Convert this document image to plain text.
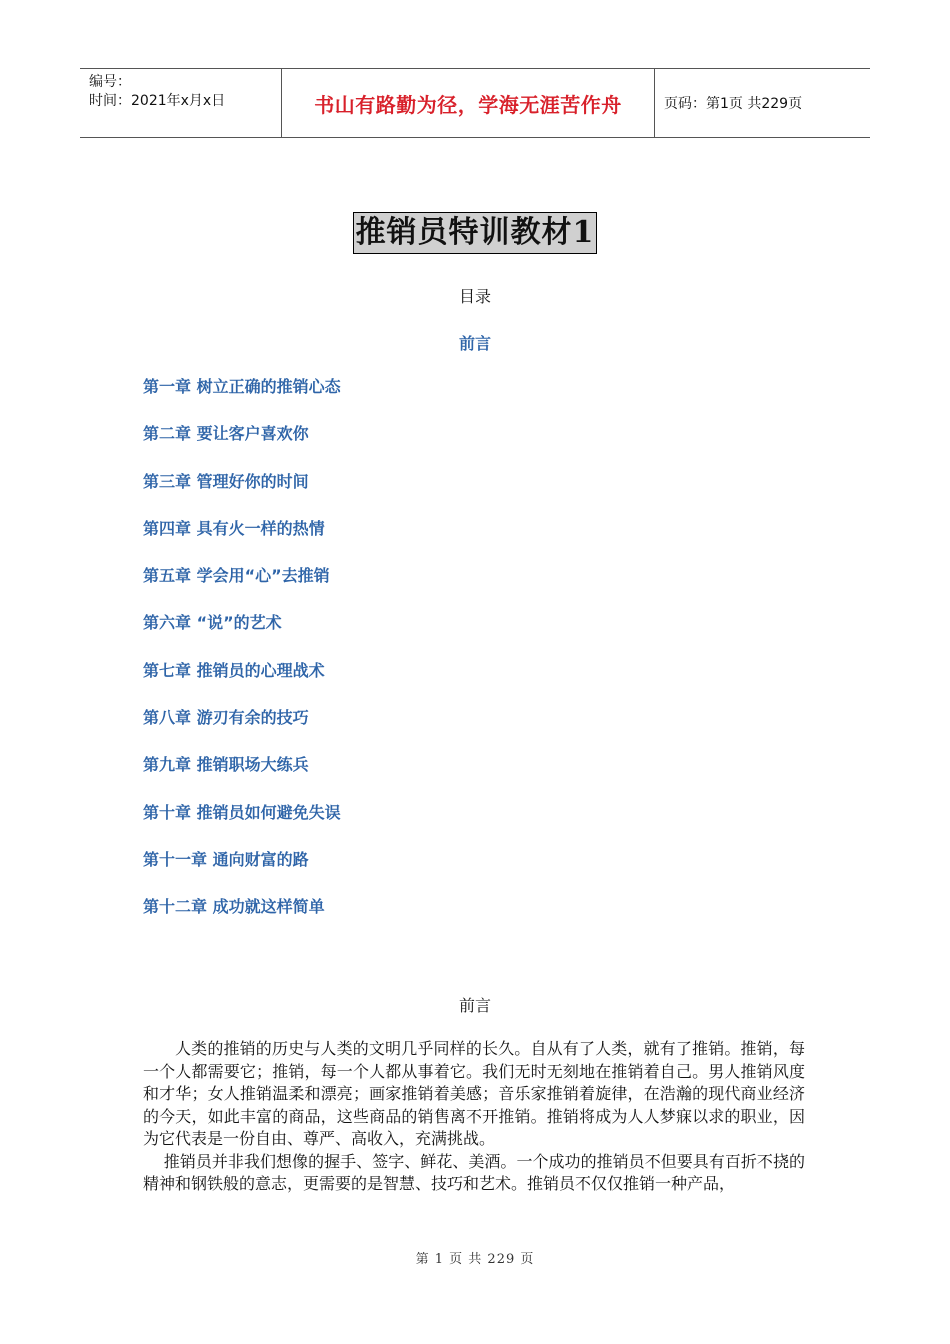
编号：
时间：2021年x月x日	书山有路勤为径，学海无涯苦作舟	页码：第1页 共229页
推销员特训教材1
目录
前言
第一章 树立正确的推销心态
第二章 要让客户喜欢你
第三章 管理好你的时间
第四章 具有火一样的热情
第五章 学会用“心”去推销
第六章 “说”的艺术
第七章 推销员的心理战术
第八章 游刃有余的技巧
第九章 推销职场大练兵
第十章 推销员如何避免失误
第十一章 通向财富的路
第十二章 成功就这样简单
前言

人类的推销的历史与人类的文明几乎同样的长久。自从有了人类，就有了推销。推销，每一个人都需要它；推销，每一个人都从事着它。我们无时无刻地在推销着自己。男人推销风度和才华；女人推销温柔和漂亮；画家推销着美感；音乐家推销着旋律，在浩瀚的现代商业经济的今天，如此丰富的商品，这些商品的销售离不开推销。推销将成为人人梦寐以求的职业，因为它代表是一份自由、尊严、高收入，充满挑战。

推销员并非我们想像的握手、签字、鲜花、美酒。一个成功的推销员不但要具有百折不挠的精神和钢铁般的意志，更需要的是智慧、技巧和艺术。推销员不仅仅推销一种产品，

第 1 页 共 229 页
